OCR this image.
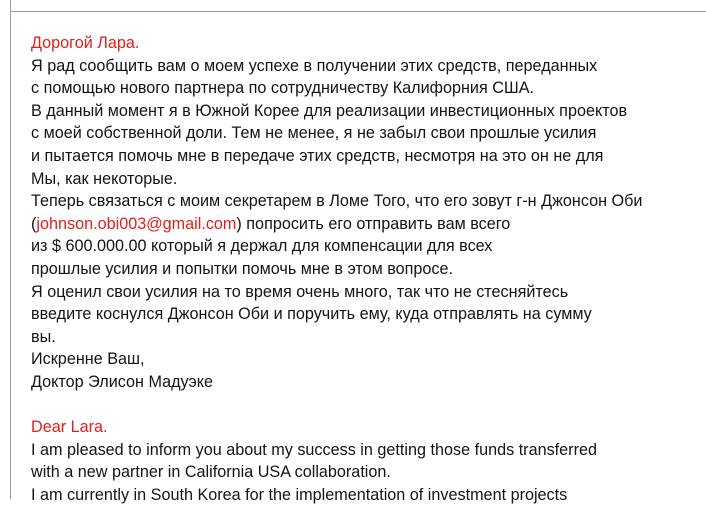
Дорогой Лара.
Я рад сообщить вам о моем успехе в получении этих средств, переданных
с помощью нового партнера по сотрудничеству Калифорния США.
В данный момент я в Южной Корее для реализации инвестиционных проектов
с моей собственной доли. Тем не менее, я не забыл свои прошлые усилия
и пытается помочь мне в передаче этих средств, несмотря на это он не для
Мы, как некоторые.
Теперь связаться с моим секретарем в Ломе Того, что его зовут г-н Джонсон Оби
(johnson.obi003@gmail.com) попросить его отправить вам всего
из $ 600.000.00 который я держал для компенсации для всех
прошлые усилия и попытки помочь мне в этом вопросе.
Я оценил свои усилия на то время очень много, так что не стесняйтесь
введите коснулся Джонсон Оби и поручить ему, куда отправлять на сумму
вы.
Искренне Ваш,
Доктор Элисон Мадуэке
Dear Lara.
I am pleased to inform you about my success in getting those funds transferred
with a new partner in California USA collaboration.
I am currently in South Korea for the implementation of investment projects
